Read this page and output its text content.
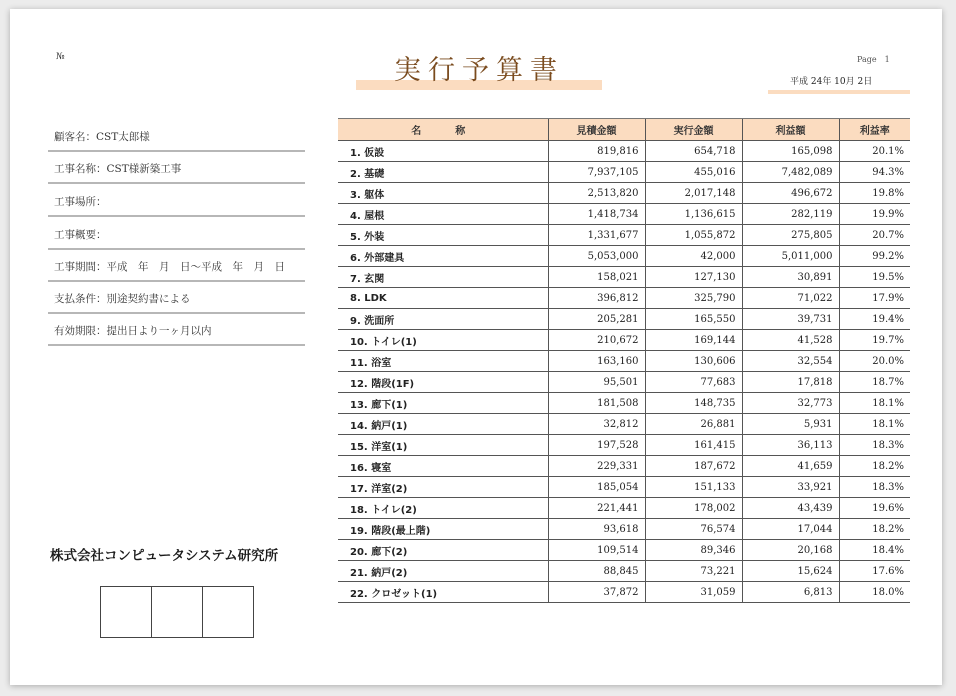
№	実行予算書	Page　1
平成 24年 10月 2日
顧客名：CST太郎様
工事名称：CST様新築工事
工事場所：
工事概要：
工事期間：平成　年　月　日〜平成　年　月　日
支払条件：別途契約書による
有効期限：提出日より一ヶ月以内
株式会社コンピュータシステム研究所
名称	見積金額	実行金額	利益額	利益率
1. 仮設	819,816	654,718	165,098	20.1%
2. 基礎	7,937,105	455,016	7,482,089	94.3%
3. 躯体	2,513,820	2,017,148	496,672	19.8%
4. 屋根	1,418,734	1,136,615	282,119	19.9%
5. 外装	1,331,677	1,055,872	275,805	20.7%
6. 外部建具	5,053,000	42,000	5,011,000	99.2%
7. 玄関	158,021	127,130	30,891	19.5%
8. LDK	396,812	325,790	71,022	17.9%
9. 洗面所	205,281	165,550	39,731	19.4%
10. トイレ(1)	210,672	169,144	41,528	19.7%
11. 浴室	163,160	130,606	32,554	20.0%
12. 階段(1F)	95,501	77,683	17,818	18.7%
13. 廊下(1)	181,508	148,735	32,773	18.1%
14. 納戸(1)	32,812	26,881	5,931	18.1%
15. 洋室(1)	197,528	161,415	36,113	18.3%
16. 寝室	229,331	187,672	41,659	18.2%
17. 洋室(2)	185,054	151,133	33,921	18.3%
18. トイレ(2)	221,441	178,002	43,439	19.6%
19. 階段(最上階)	93,618	76,574	17,044	18.2%
20. 廊下(2)	109,514	89,346	20,168	18.4%
21. 納戸(2)	88,845	73,221	15,624	17.6%
22. クロゼット(1)	37,872	31,059	6,813	18.0%
